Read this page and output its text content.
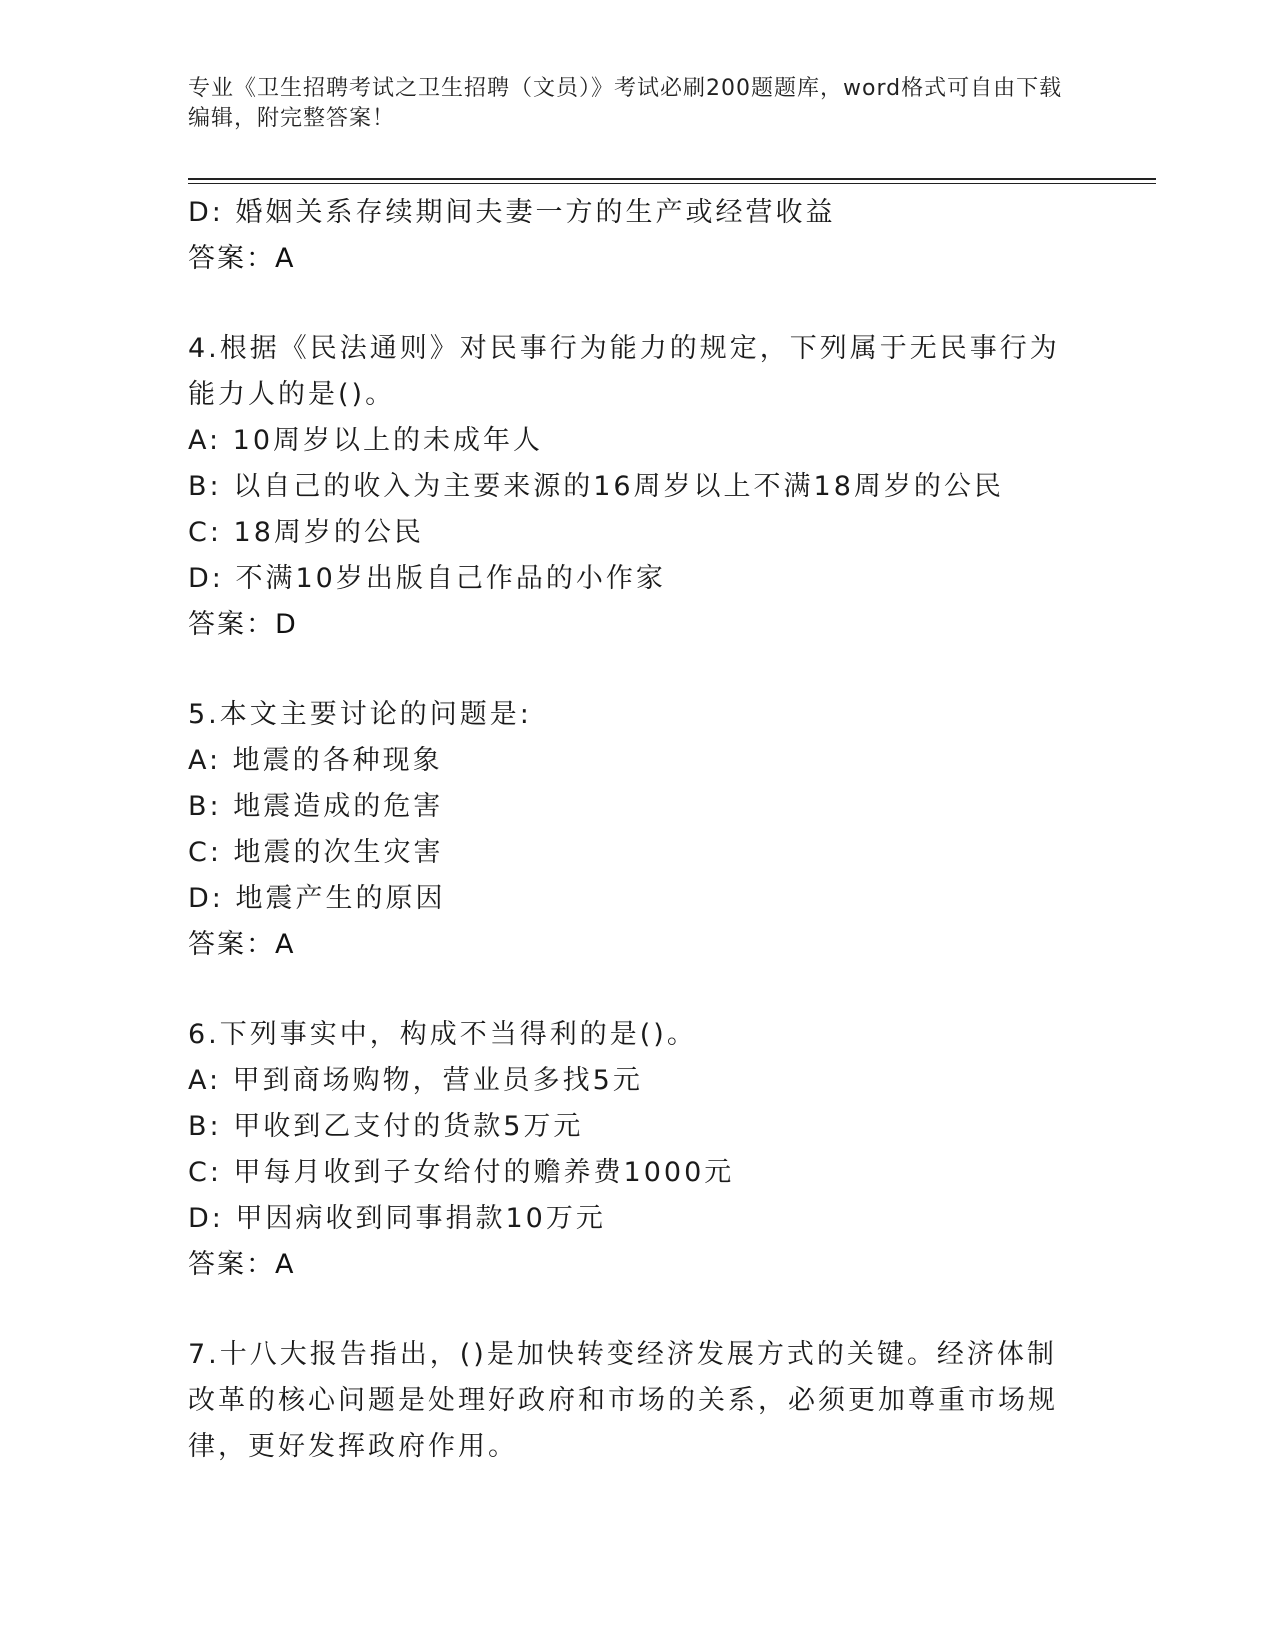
专业《卫生招聘考试之卫生招聘（文员）》考试必刷200题题库，word格式可自由下载编辑，附完整答案！
D: 婚姻关系存续期间夫妻一方的生产或经营收益
答案：A
4.根据《民法通则》对民事行为能力的规定，下列属于无民事行为能力人的是()。
A: 10周岁以上的未成年人
B: 以自己的收入为主要来源的16周岁以上不满18周岁的公民
C: 18周岁的公民
D: 不满10岁出版自己作品的小作家
答案：D
5.本文主要讨论的问题是:
A: 地震的各种现象
B: 地震造成的危害
C: 地震的次生灾害
D: 地震产生的原因
答案：A
6.下列事实中，构成不当得利的是()。
A: 甲到商场购物，营业员多找5元
B: 甲收到乙支付的货款5万元
C: 甲每月收到子女给付的赡养费1000元
D: 甲因病收到同事捐款10万元
答案：A
7.十八大报告指出，()是加快转变经济发展方式的关键。经济体制改革的核心问题是处理好政府和市场的关系，必须更加尊重市场规律，更好发挥政府作用。
